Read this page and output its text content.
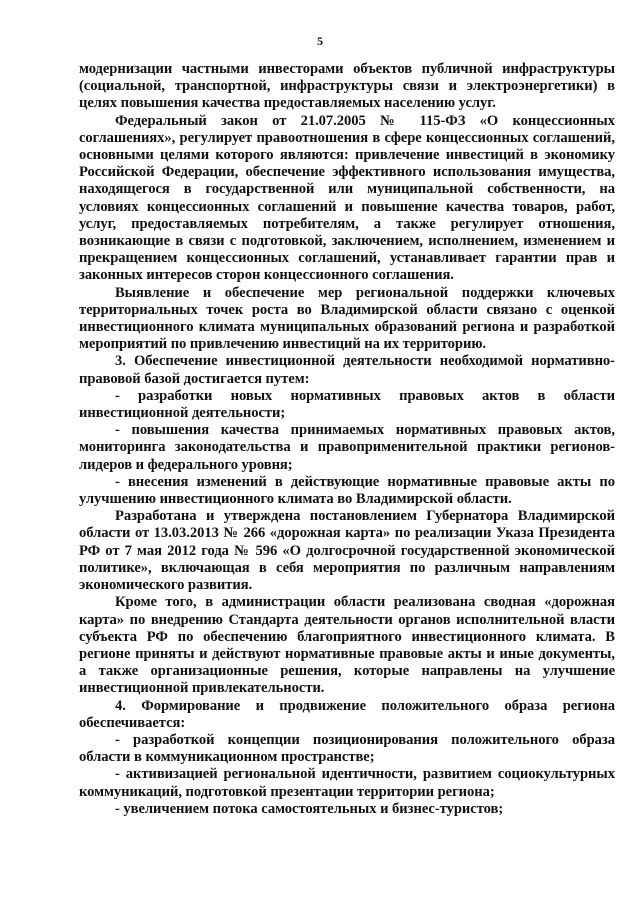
5

модернизации частными инвесторами объектов публичной инфраструктуры (социальной, транспортной, инфраструктуры связи и электроэнергетики) в целях повышения качества предоставляемых населению услуг.

Федеральный закон от 21.07.2005 № 115-ФЗ «О концессионных соглашениях», регулирует правоотношения в сфере концессионных соглашений, основными целями которого являются: привлечение инвестиций в экономику Российской Федерации, обеспечение эффективного использования имущества, находящегося в государственной или муниципальной собственности, на условиях концессионных соглашений и повышение качества товаров, работ, услуг, предоставляемых потребителям, а также регулирует отношения, возникающие в связи с подготовкой, заключением, исполнением, изменением и прекращением концессионных соглашений, устанавливает гарантии прав и законных интересов сторон концессионного соглашения.

Выявление и обеспечение мер региональной поддержки ключевых территориальных точек роста во Владимирской области связано с оценкой инвестиционного климата муниципальных образований региона и разработкой мероприятий по привлечению инвестиций на их территорию.

3. Обеспечение инвестиционной деятельности необходимой нормативно-правовой базой достигается путем:

- разработки новых нормативных правовых актов в области инвестиционной деятельности;

- повышения качества принимаемых нормативных правовых актов, мониторинга законодательства и правоприменительной практики регионов-лидеров и федерального уровня;

- внесения изменений в действующие нормативные правовые акты по улучшению инвестиционного климата во Владимирской области.

Разработана и утверждена постановлением Губернатора Владимирской области от 13.03.2013 № 266 «дорожная карта» по реализации Указа Президента РФ от 7 мая 2012 года № 596 «О долгосрочной государственной экономической политике», включающая в себя мероприятия по различным направлениям экономического развития.

Кроме того, в администрации области реализована сводная «дорожная карта» по внедрению Стандарта деятельности органов исполнительной власти субъекта РФ по обеспечению благоприятного инвестиционного климата. В регионе приняты и действуют нормативные правовые акты и иные документы, а также организационные решения, которые направлены на улучшение инвестиционной привлекательности.

4. Формирование и продвижение положительного образа региона обеспечивается:

- разработкой концепции позиционирования положительного образа области в коммуникационном пространстве;

- активизацией региональной идентичности, развитием социокультурных коммуникаций, подготовкой презентации территории региона;

- увеличением потока самостоятельных и бизнес-туристов;
